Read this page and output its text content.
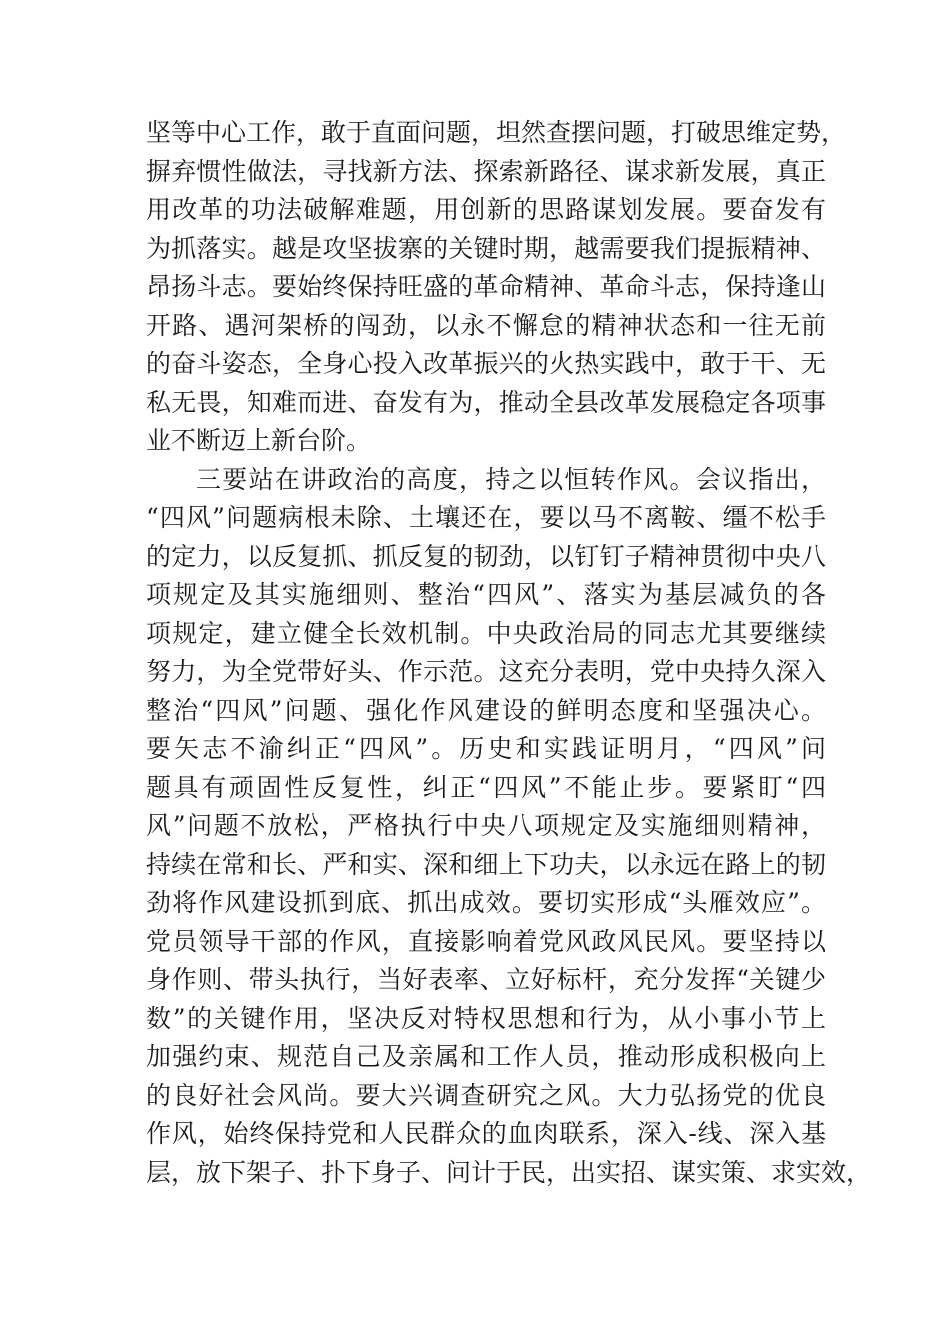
坚等中心工作，敢于直面问题，坦然查摆问题，打破思维定势，
摒弃惯性做法，寻找新方法、探索新路径、谋求新发展，真正
用改革的功法破解难题，用创新的思路谋划发展。要奋发有
为抓落实。越是攻坚拔寨的关键时期，越需要我们提振精神、
昂扬斗志。要始终保持旺盛的革命精神、革命斗志，保持逢山
开路、遇河架桥的闯劲，以永不懈怠的精神状态和一往无前
的奋斗姿态，全身心投入改革振兴的火热实践中，敢于干、无
私无畏，知难而进、奋发有为，推动全县改革发展稳定各项事
业不断迈上新台阶。
三要站在讲政治的高度，持之以恒转作风。会议指出，
“四风”问题病根未除、土壤还在，要以马不离鞍、缰不松手
的定力，以反复抓、抓反复的韧劲，以钉钉子精神贯彻中央八
项规定及其实施细则、整治“四风”、落实为基层减负的各
项规定，建立健全长效机制。中央政治局的同志尤其要继续
努力，为全党带好头、作示范。这充分表明，党中央持久深入
整治“四风”问题、强化作风建设的鲜明态度和坚强决心。
要矢志不渝纠正“四风”。历史和实践证明月，“四风”问
题具有顽固性反复性，纠正“四风”不能止步。要紧盯“四
风”问题不放松，严格执行中央八项规定及实施细则精神，
持续在常和长、严和实、深和细上下功夫，以永远在路上的韧
劲将作风建设抓到底、抓出成效。要切实形成“头雁效应”。
党员领导干部的作风，直接影响着党风政风民风。要坚持以
身作则、带头执行，当好表率、立好标杆，充分发挥“关键少
数”的关键作用，坚决反对特权思想和行为，从小事小节上
加强约束、规范自己及亲属和工作人员，推动形成积极向上
的良好社会风尚。要大兴调查研究之风。大力弘扬党的优良
作风，始终保持党和人民群众的血肉联系，深入-线、深入基
层，放下架子、扑下身子、问计于民，出实招、谋实策、求实效，
